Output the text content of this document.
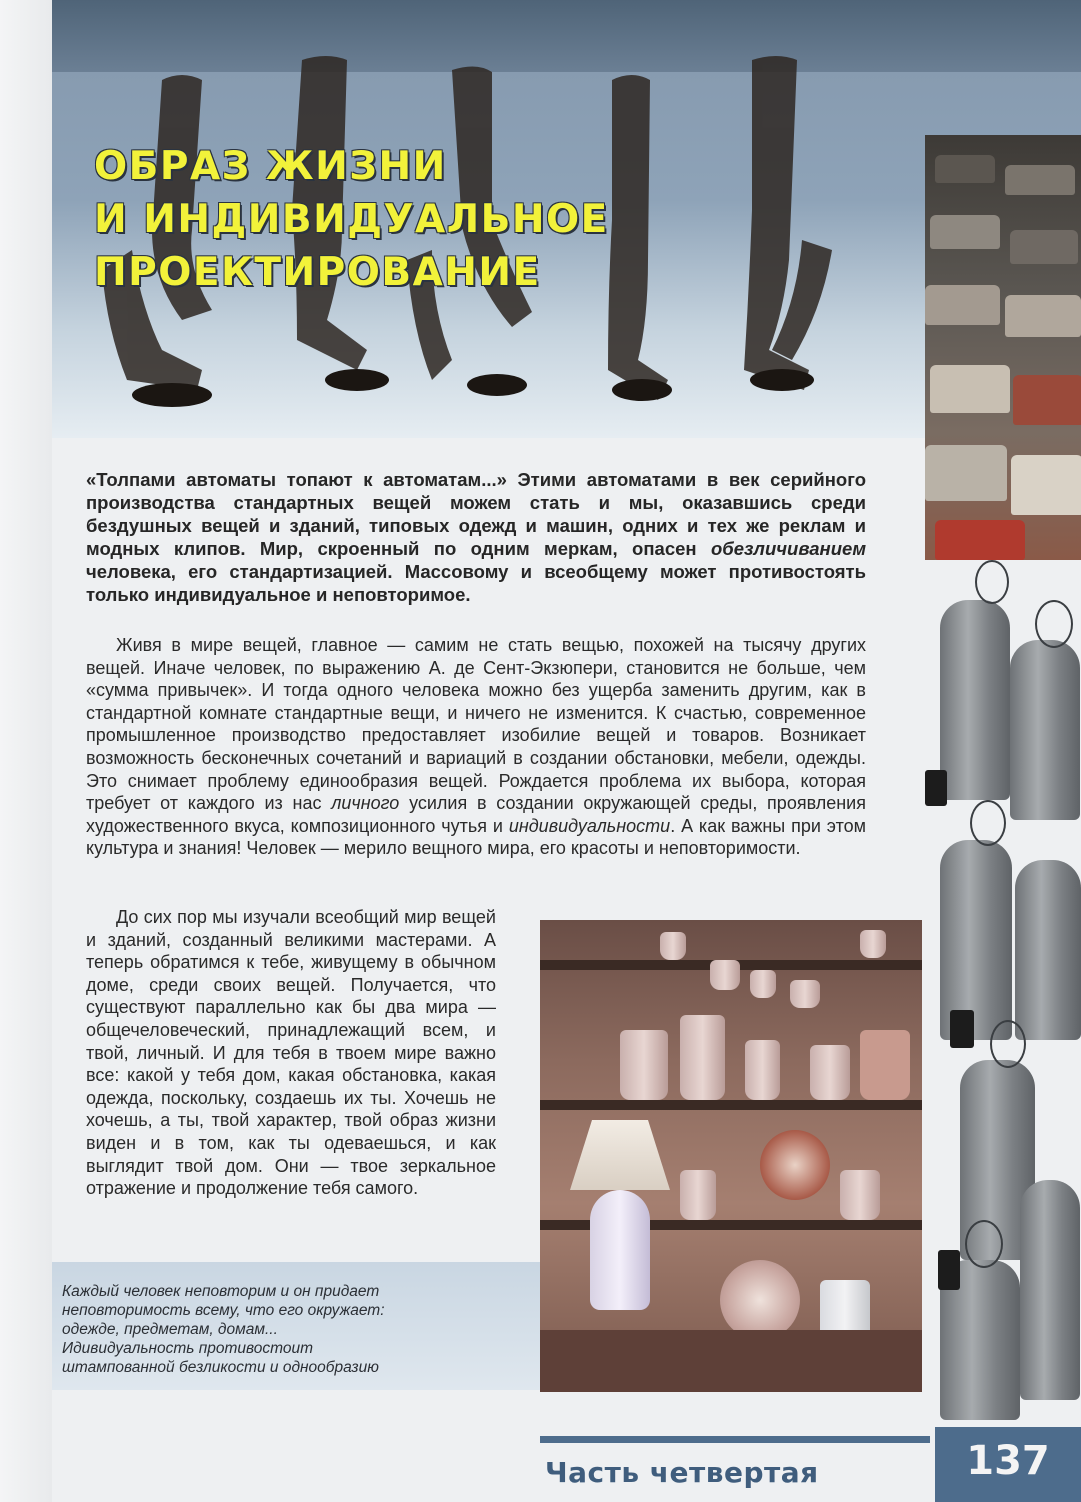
ОБРАЗ ЖИЗНИ
И ИНДИВИДУАЛЬНОЕ
ПРОЕКТИРОВАНИЕ
«Толпами автоматы топают к автоматам...» Этими автоматами в век серийного производства стандартных вещей можем стать и мы, оказавшись среди бездушных вещей и зданий, типовых одежд и машин, одних и тех же реклам и модных клипов. Мир, скроенный по одним меркам, опасен обезличиванием человека, его стандартизацией. Массовому и всеобщему может противостоять только индивидуальное и неповторимое.
Живя в мире вещей, главное — самим не стать вещью, похожей на тысячу других вещей. Иначе человек, по выражению А. де Сент-Экзюпери, становится не больше, чем «сумма привычек». И тогда одного человека можно без ущерба заменить другим, как в стандартной комнате стандартные вещи, и ничего не изменится. К счастью, современное промышленное производство предоставляет изобилие вещей и товаров. Возникает возможность бесконечных сочетаний и вариаций в создании обстановки, мебели, одежды. Это снимает проблему единообразия вещей. Рождается проблема их выбора, которая требует от каждого из нас личного усилия в создании окружающей среды, проявления художественного вкуса, композиционного чутья и индивидуальности. А как важны при этом культура и знания! Человек — мерило вещного мира, его красоты и неповторимости.
До сих пор мы изучали всеобщий мир вещей и зданий, созданный великими мастерами. А теперь обратимся к тебе, живущему в обычном доме, среди своих вещей. Получается, что существуют параллельно как бы два мира — общечеловеческий, принадлежащий всем, и твой, личный. И для тебя в твоем мире важно все: какой у тебя дом, какая обстановка, какая одежда, поскольку, создаешь их ты. Хочешь не хочешь, а ты, твой характер, твой образ жизни виден и в том, как ты одеваешься, и как выглядит твой дом. Они — твое зеркальное отражение и продолжение тебя самого.
Каждый человек неповторим и он придает
неповторимость всему, что его окружает:
одежде, предметам, домам...
Идивидуальность противостоит
штампованной безликости и однообразию
Часть четвертая	137
